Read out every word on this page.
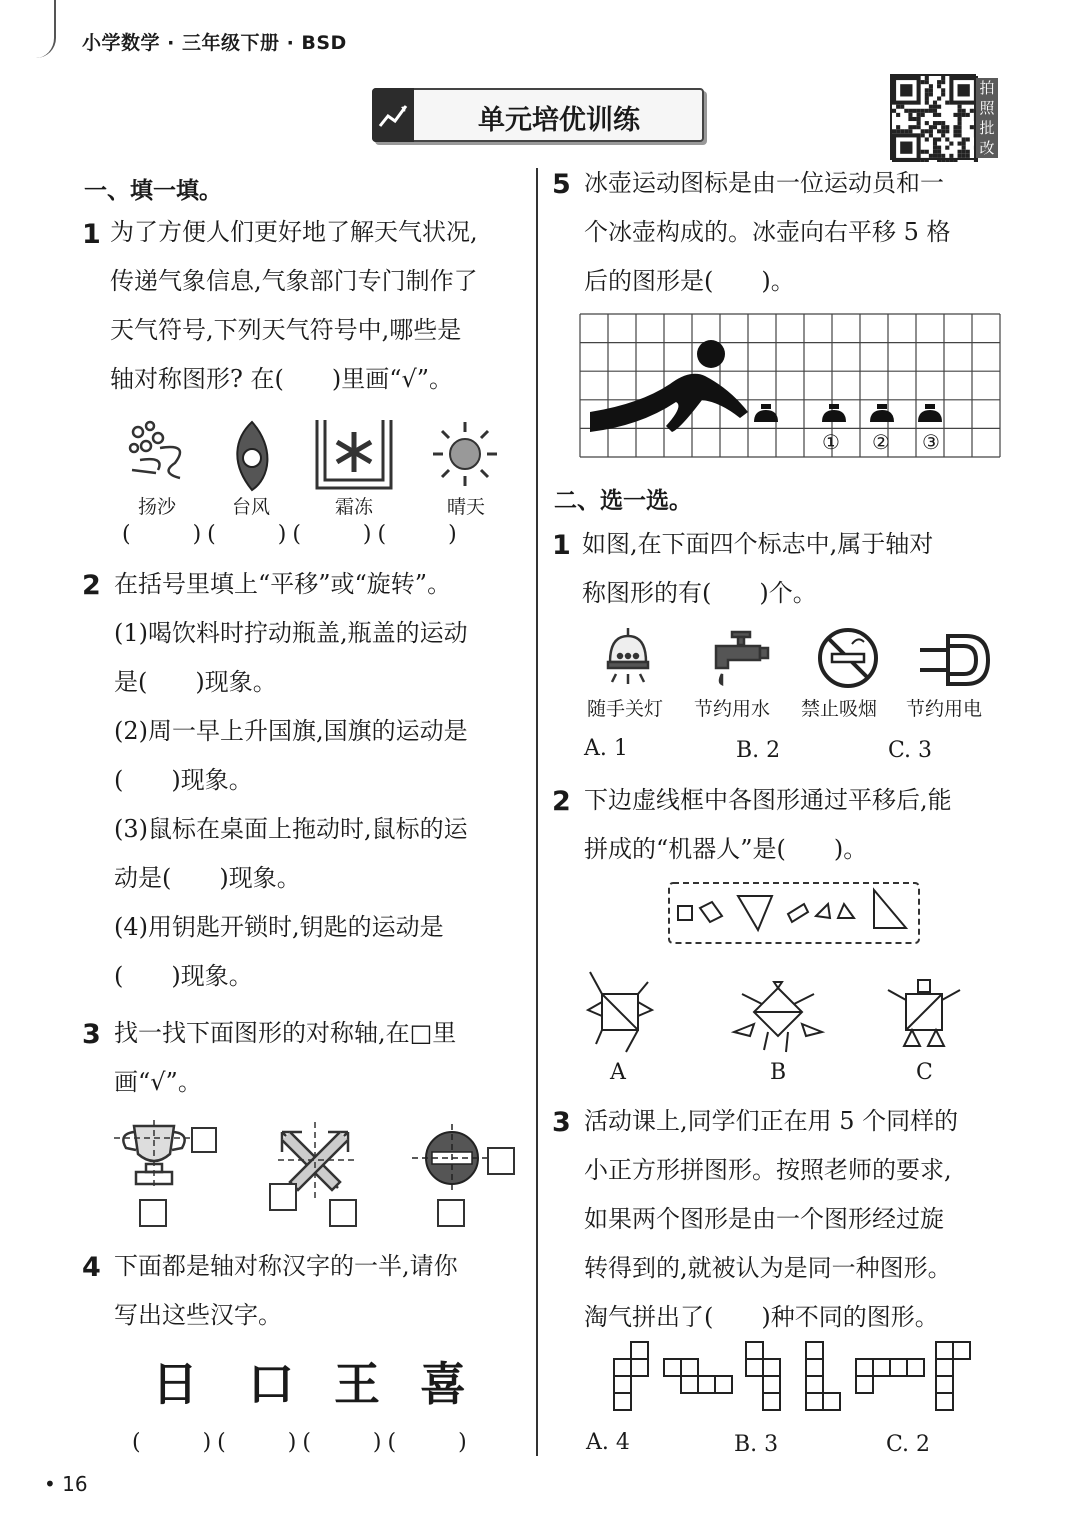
小学数学 · 三年级下册 · BSD
单元培优训练
拍
照
批
改
一、填一填。
1 为了方便人们更好地了解天气状况,
传递气象信息,气象部门专门制作了
天气符号,下列天气符号中,哪些是
轴对称图形? 在(　　)里画“√”。
扬沙	台风	霜冻	晴天
(　　)(　　)(　　)(　　)
2 在括号里填上“平移”或“旋转”。
(1)喝饮料时拧动瓶盖,瓶盖的运动
是(　　)现象。
(2)周一早上升国旗,国旗的运动是
(　　)现象。
(3)鼠标在桌面上拖动时,鼠标的运
动是(　　)现象。
(4)用钥匙开锁时,钥匙的运动是
(　　)现象。
3 找一找下面图形的对称轴,在□里
画“√”。
4 下面都是轴对称汉字的一半,请你
写出这些汉字。
日 口 王 喜
(　　)(　　)(　　)(　　)
5 冰壶运动图标是由一位运动员和一
个冰壶构成的。冰壶向右平移 5 格
后的图形是(　　)。
① ② ③
二、选一选。
1 如图,在下面四个标志中,属于轴对
称图形的有(　　)个。
随手关灯 节约用水 禁止吸烟 节约用电
A. 1	B. 2	C. 3
2 下边虚线框中各图形通过平移后,能
拼成的“机器人”是(　　)。
A	B	C
3 活动课上,同学们正在用 5 个同样的
小正方形拼图形。按照老师的要求,
如果两个图形是由一个图形经过旋
转得到的,就被认为是同一种图形。
淘气拼出了(　　)种不同的图形。
A. 4	B. 3	C. 2
• 16
